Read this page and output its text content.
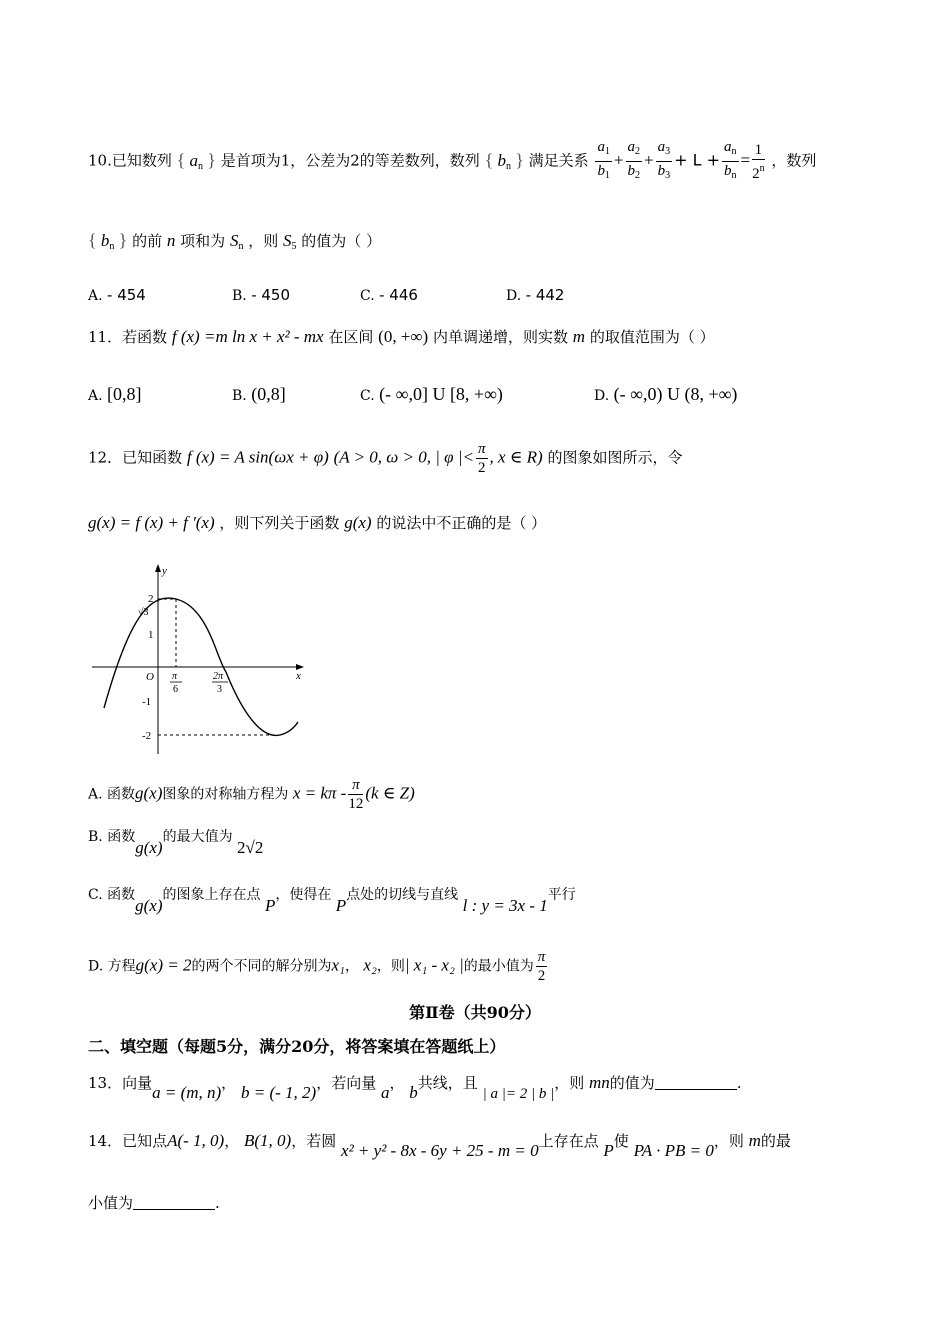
10.已知数列 { $a_n$ } 是首项为1，公差为2的等差数列，数列 { $b_n$ } 满足关系 $\frac{a_1}{b_1} + \frac{a_2}{b_2} + \frac{a_3}{b_3} + L + \frac{a_n}{b_n} = \frac{1}{2^n}$ ，数列
{ $b_n$ } 的前 n 项和为 $S_n$ ，则 $S_5$ 的值为（ ）
A. - 454	B. - 450	C. - 446	D. - 442
11．若函数 f (x) =m ln x + x² - mx 在区间 (0, +∞) 内单调递增，则实数 m 的取值范围为（ ）
A. [0,8]	B. (0,8]	C. (- ∞,0] U [8, +∞)	D. (- ∞,0) U (8, +∞)
12．已知函数 f (x) = A sin(ωx + φ) (A > 0, ω > 0, | φ |< $\frac{\pi}{2}$ , x ∈ R) 的图象如图所示，令
g(x) = f (x) + f '(x) ，则下列关于函数 g(x) 的说法中不正确的是（ ）
y
x
O
2
√3
1
-1
-2
π
6
2π
3
A. 函数g(x)图象的对称轴方程为 $x = k\pi - \frac{\pi}{12} (k$ ∈ Z)
B. 函数g(x)的最大值为 2√2
C. 函数g(x)的图象上存在点 P，使得在 P点处的切线与直线 l : y = 3x - 1平行
D. 方程g(x) = 2的两个不同的解分别为x₁， x₂，则| x₁ - x₂ |的最小值为 $\frac{\pi}{2}$
第Ⅱ卷（共90分）
二、填空题（每题5分，满分20分，将答案填在答题纸上）
13．向量a = (m, n)， b = (- 1, 2)，若向量 a， b共线，且 | a |= 2 | b |，则 mn的值为	.
14．已知点A(- 1, 0)， B(1, 0)，若圆 x² + y² - 8x - 6y + 25 - m = 0上存在点 P使 PA · PB = 0，则 m的最
小值为	.
